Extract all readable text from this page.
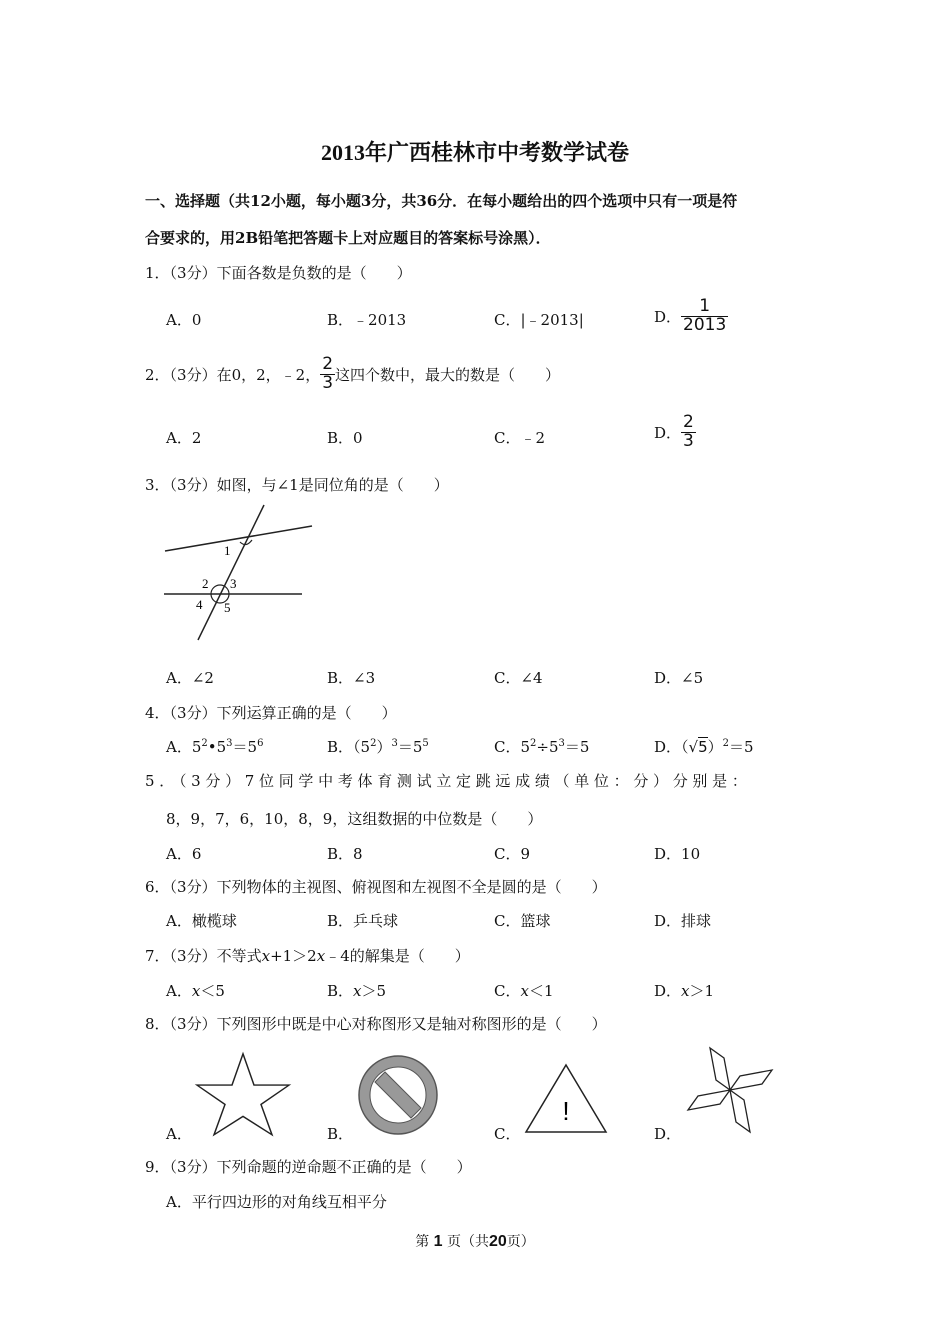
2013年广西桂林市中考数学试卷
一、选择题（共12小题，每小题3分，共36分．在每小题给出的四个选项中只有一项是符
合要求的，用2B铅笔把答题卡上对应题目的答案标号涂黑）．
1．（3分）下面各数是负数的是（　　）
A．0	B．﹣2013	C．|﹣2013|	D． $\frac{1}{2013}$
2．（3分）在0，2，﹣2， $\frac{2}{3}$ 这四个数中，最大的数是（　　）
A．2	B．0	C．﹣2	D． $\frac{2}{3}$
3．（3分）如图，与∠1是同位角的是（　　）
1
2 3
4 5
A．∠2	B．∠3	C．∠4	D．∠5
4．（3分）下列运算正确的是（　　）
A．$5^2•5^3=5^6$	B．$(5^2)^3=5^5$	C．$5^2\div 5^3=5$	D．$(√5)^2=5$
5．（3分）7位同学中考体育测试立定跳远成绩（单位：分）分别是：
8，9，7，6，10，8，9，这组数据的中位数是（　　）
A．6	B．8	C．9	D．10
6．（3分）下列物体的主视图、俯视图和左视图不全是圆的是（　　）
A．橄榄球	B．乒乓球	C．篮球	D．排球
7．（3分）不等式x+1＞2x﹣4的解集是（　　）
A．x＜5	B．x＞5	C．x＜1	D．x＞1
8．（3分）下列图形中既是中心对称图形又是轴对称图形的是（　　）
A．	B．	C．
!
D．
9．（3分）下列命题的逆命题不正确的是（　　）
A．平行四边形的对角线互相平分
第 1 页（共20页）
